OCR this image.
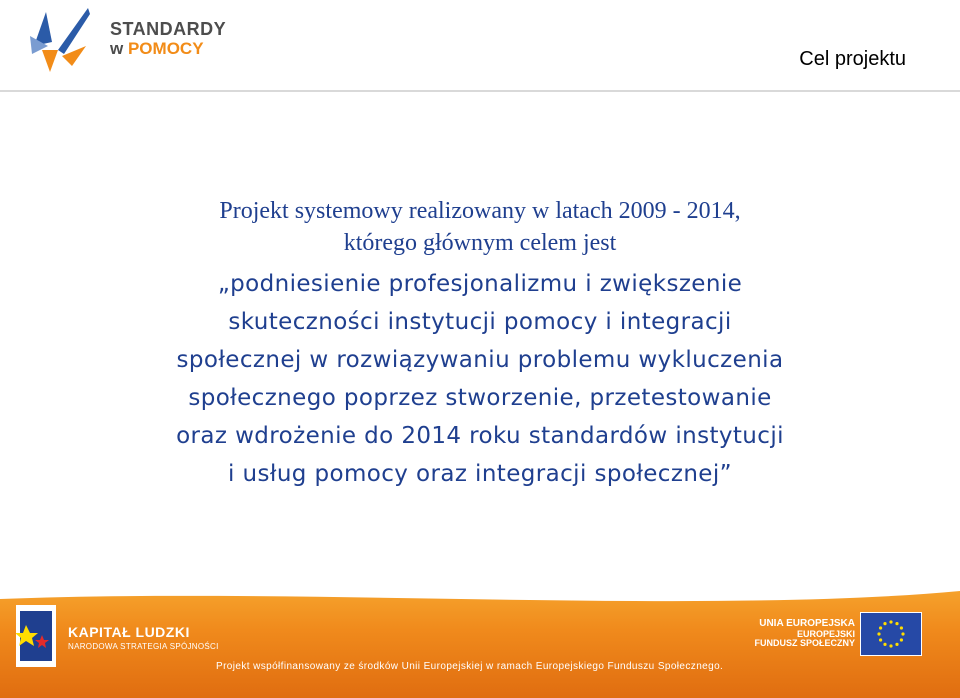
STANDARDY
w POMOCY	Cel projektu
Projekt systemowy realizowany w latach 2009 - 2014,
którego głównym celem jest
„podniesienie profesjonalizmu i zwiększenie
skuteczności instytucji pomocy i integracji
społecznej w rozwiązywaniu problemu wykluczenia
społecznego poprzez stworzenie, przetestowanie
oraz wdrożenie do 2014 roku standardów instytucji
i usług pomocy oraz integracji społecznej”
KAPITAŁ LUDZKI
NARODOWA STRATEGIA SPÓJNOŚCI
UNIA EUROPEJSKA
EUROPEJSKI
FUNDUSZ SPOŁECZNY
Projekt współfinansowany ze środków Unii Europejskiej w ramach Europejskiego Funduszu Społecznego.
